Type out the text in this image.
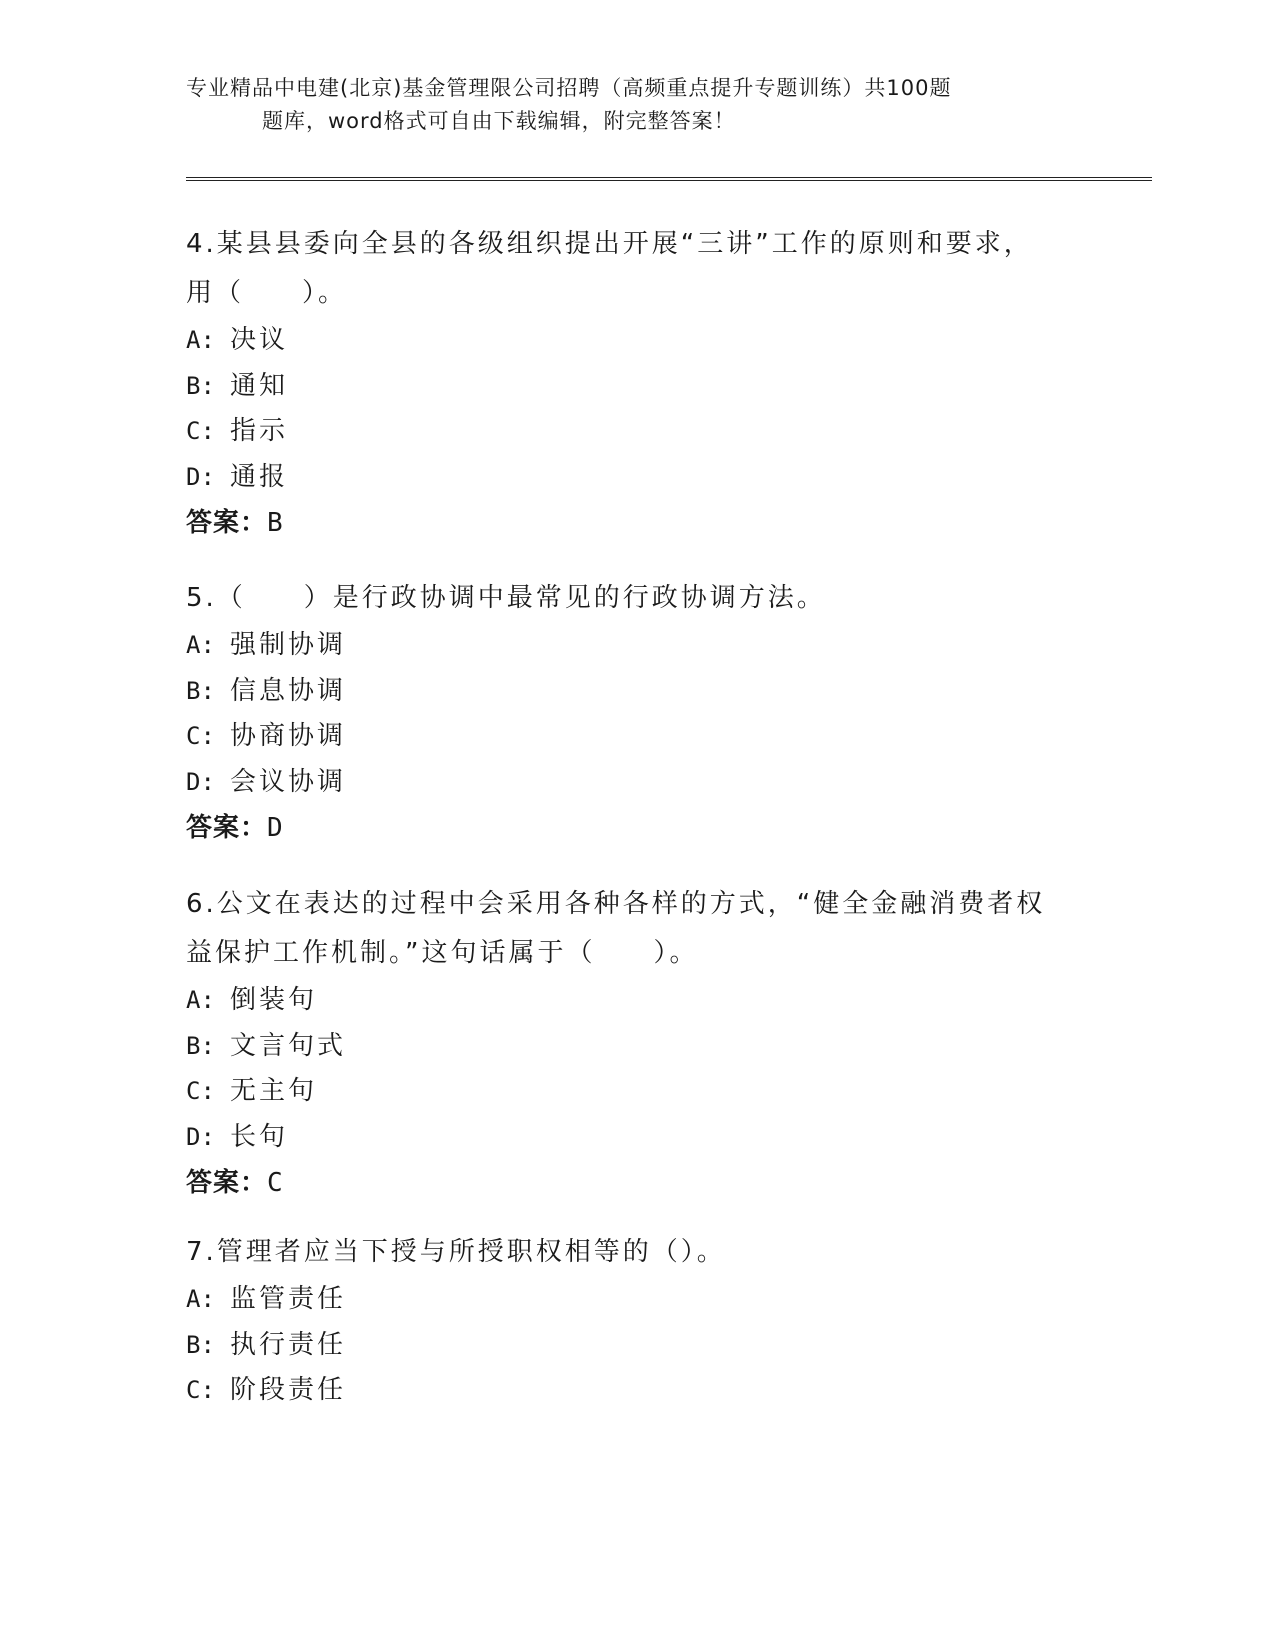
专业精品中电建(北京)基金管理限公司招聘（高频重点提升专题训练）共100题
题库，word格式可自由下载编辑，附完整答案！
4.某县县委向全县的各级组织提出开展“三讲”工作的原则和要求，
用（　　）。
A: 决议
B: 通知
C: 指示
D: 通报
答案：B
5.（　　）是行政协调中最常见的行政协调方法。
A: 强制协调
B: 信息协调
C: 协商协调
D: 会议协调
答案：D
6.公文在表达的过程中会采用各种各样的方式，“健全金融消费者权
益保护工作机制。”这句话属于（　　）。
A: 倒装句
B: 文言句式
C: 无主句
D: 长句
答案：C
7.管理者应当下授与所授职权相等的（）。
A: 监管责任
B: 执行责任
C: 阶段责任
